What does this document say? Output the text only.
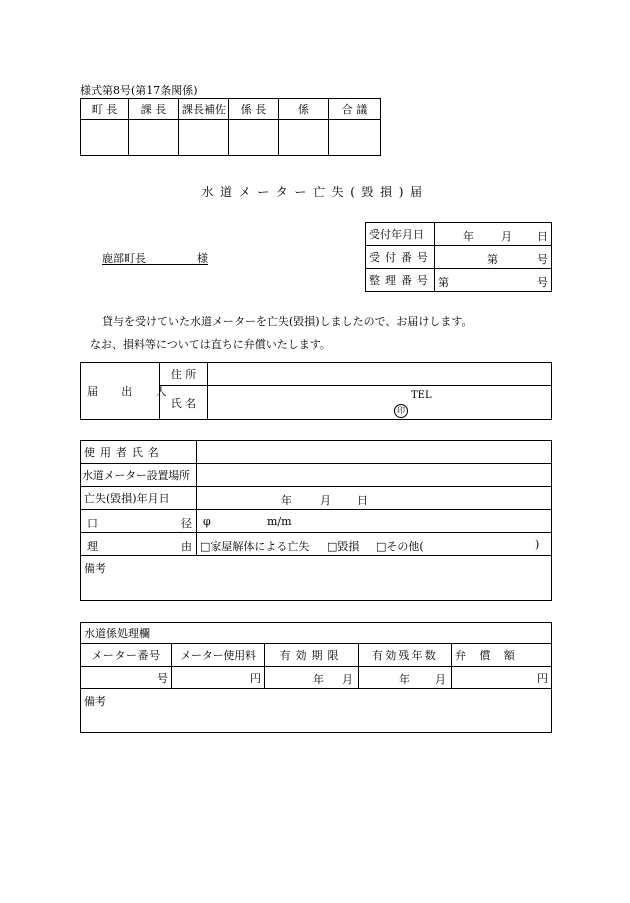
様式第8号(第17条関係)
町 長	課 長	課長補佐	係 長	係	合 議

水道メーター亡失(毀損)届
受付年月日	年 月 日

受付番号	第 号

整理番号	第 号
鹿部町長	様
貸与を受けていた水道メーターを亡失(毀損)しましたので、お届けします。
なお、損料等については直ちに弁償いたします。
届 出 人	住 所	
	氏 名	TEL
印
使用者氏名	
水道メーター設置場所	
亡失(毀損)年月日	年 月 日

口 径	φ m/m

理 由	□家屋解体による亡失 □毀損 □その他( )

備考	
水道係処理欄				
メーター番号	メーター使用料	有効期限	有効残年数	弁 償 額
号	円	年 月	年 月	円
備考				
